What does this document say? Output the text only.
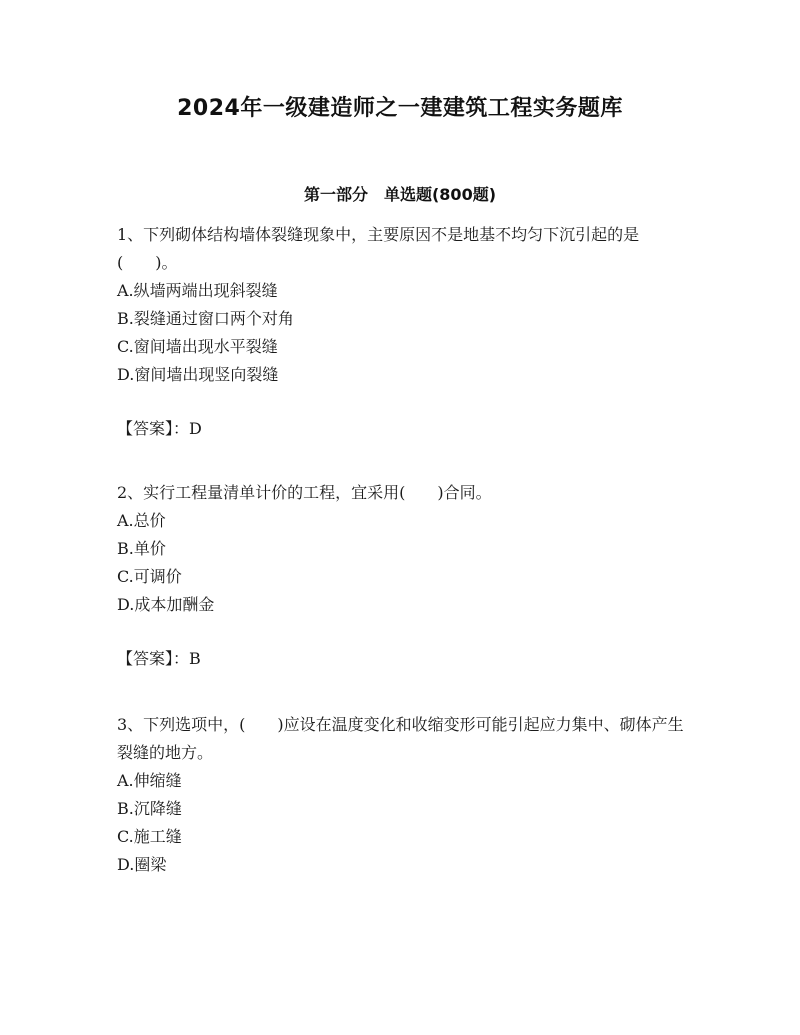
2024年一级建造师之一建建筑工程实务题库
第一部分　单选题(800题)

1、下列砌体结构墙体裂缝现象中，主要原因不是地基不均匀下沉引起的是(　　)。

A.纵墙两端出现斜裂缝

B.裂缝通过窗口两个对角

C.窗间墙出现水平裂缝

D.窗间墙出现竖向裂缝

【答案】：D

2、实行工程量清单计价的工程，宜采用(　　)合同。

A.总价

B.单价

C.可调价

D.成本加酬金

【答案】：B

3、下列选项中，(　　)应设在温度变化和收缩变形可能引起应力集中、砌体产生裂缝的地方。

A.伸缩缝

B.沉降缝

C.施工缝

D.圈梁
